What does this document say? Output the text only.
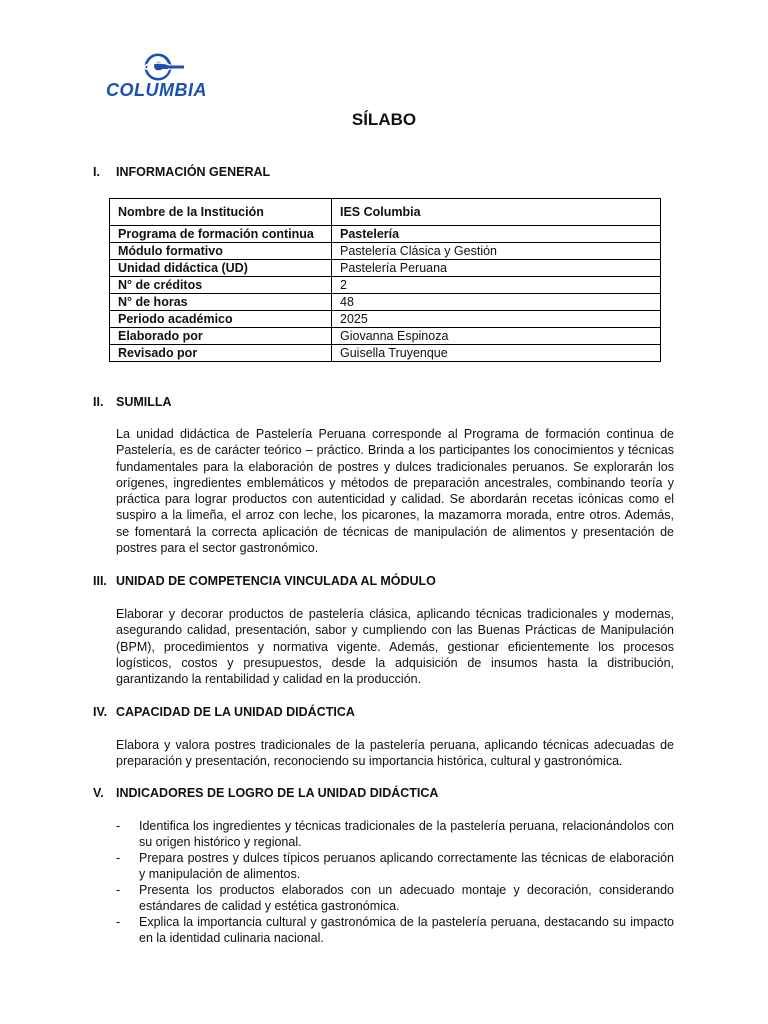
COLUMBIA
SÍLABO
I. INFORMACIÓN GENERAL
Nombre de la Institución	IES Columbia
Programa de formación continua	Pastelería
Módulo formativo	Pastelería Clásica y Gestión
Unidad didáctica (UD)	Pastelería Peruana
N° de créditos	2
N° de horas	48
Periodo académico	2025
Elaborado por	Giovanna Espinoza
Revisado por	Guisella Truyenque
II. SUMILLA

La unidad didáctica de Pastelería Peruana corresponde al Programa de formación continua de Pastelería, es de carácter teórico – práctico. Brinda a los participantes los conocimientos y técnicas fundamentales para la elaboración de postres y dulces tradicionales peruanos. Se explorarán los orígenes, ingredientes emblemáticos y métodos de preparación ancestrales, combinando teoría y práctica para lograr productos con autenticidad y calidad. Se abordarán recetas icónicas como el suspiro a la limeña, el arroz con leche, los picarones, la mazamorra morada, entre otros. Además, se fomentará la correcta aplicación de técnicas de manipulación de alimentos y presentación de postres para el sector gastronómico.

III. UNIDAD DE COMPETENCIA VINCULADA AL MÓDULO

Elaborar y decorar productos de pastelería clásica, aplicando técnicas tradicionales y modernas, asegurando calidad, presentación, sabor y cumpliendo con las Buenas Prácticas de Manipulación (BPM), procedimientos y normativa vigente. Además, gestionar eficientemente los procesos logísticos, costos y presupuestos, desde la adquisición de insumos hasta la distribución, garantizando la rentabilidad y calidad en la producción.

IV. CAPACIDAD DE LA UNIDAD DIDÁCTICA

Elabora y valora postres tradicionales de la pastelería peruana, aplicando técnicas adecuadas de preparación y presentación, reconociendo su importancia histórica, cultural y gastronómica.

V. INDICADORES DE LOGRO DE LA UNIDAD DIDÁCTICA
- Identifica los ingredientes y técnicas tradicionales de la pastelería peruana, relacionándolos con su origen histórico y regional.
- Prepara postres y dulces típicos peruanos aplicando correctamente las técnicas de elaboración y manipulación de alimentos.
- Presenta los productos elaborados con un adecuado montaje y decoración, considerando estándares de calidad y estética gastronómica.
- Explica la importancia cultural y gastronómica de la pastelería peruana, destacando su impacto en la identidad culinaria nacional.
